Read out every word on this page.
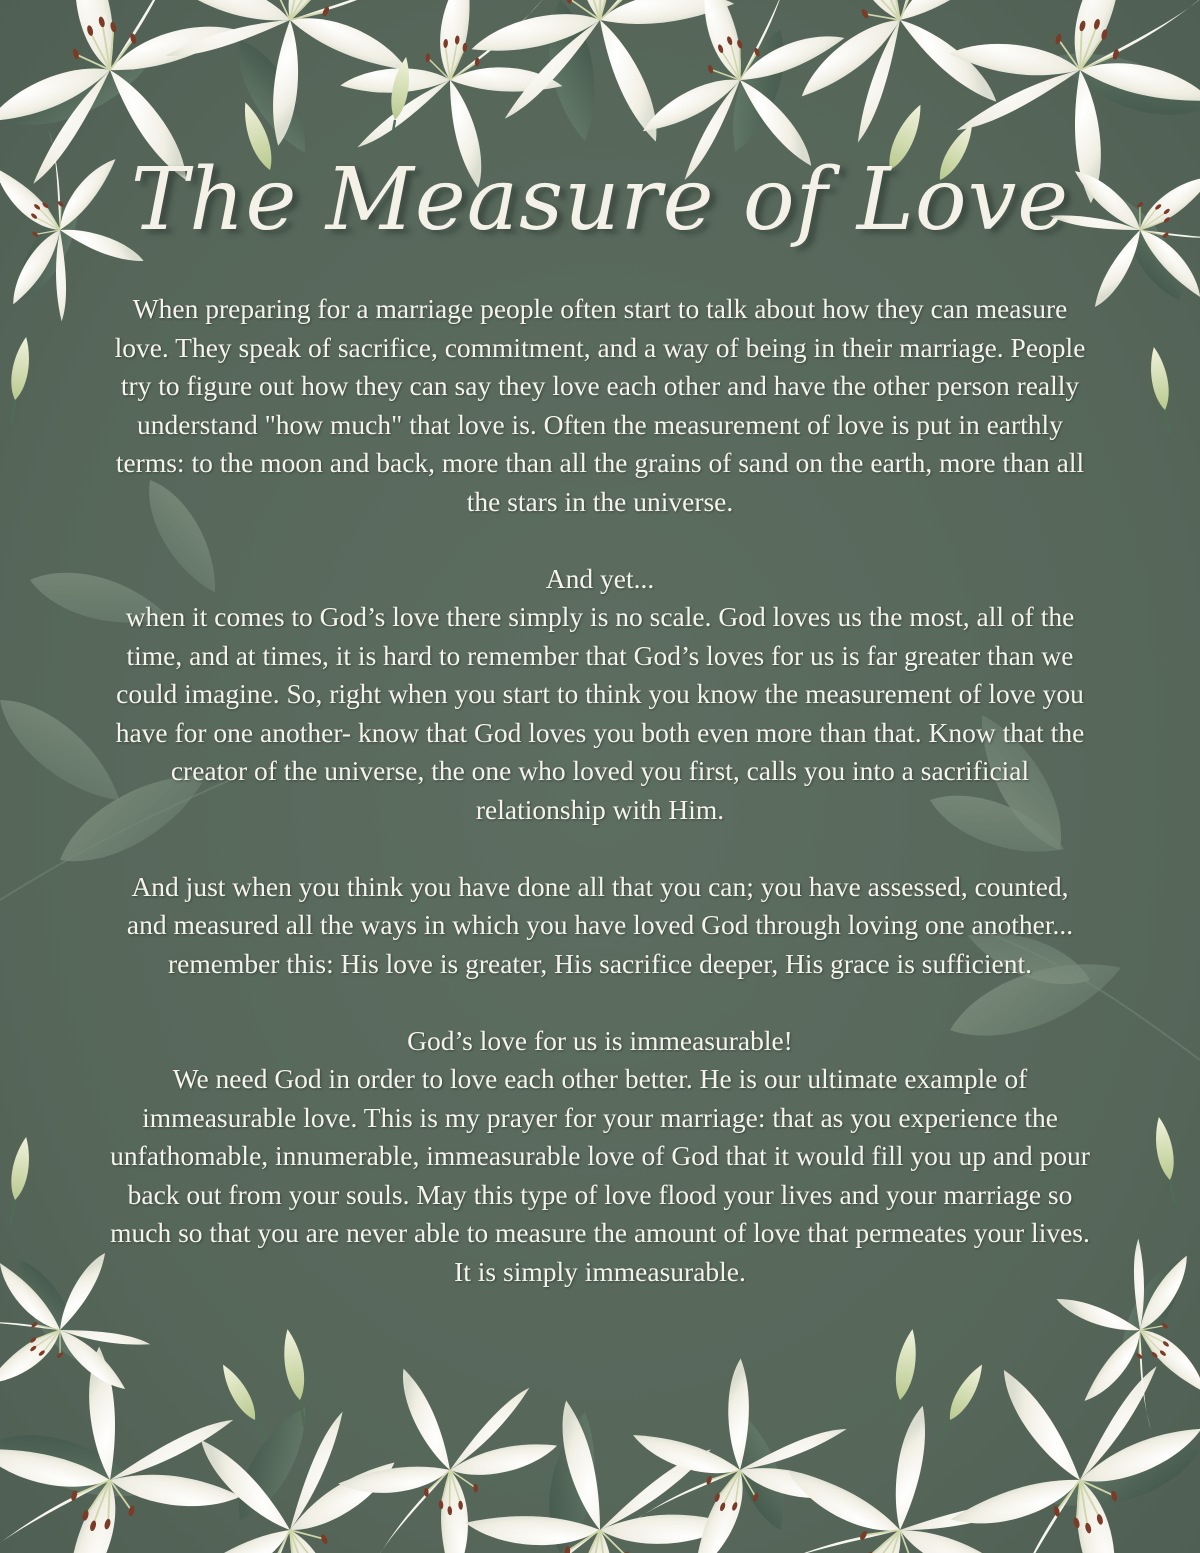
The Measure of Love

When preparing for a marriage people often start to talk about how they can measure love. They speak of sacrifice, commitment, and a way of being in their marriage. People try to figure out how they can say they love each other and have the other person really understand "how much" that love is. Often the measurement of love is put in earthly terms: to the moon and back, more than all the grains of sand on the earth, more than all the stars in the universe.

And yet...

when it comes to God’s love there simply is no scale. God loves us the most, all of the time, and at times, it is hard to remember that God’s loves for us is far greater than we could imagine. So, right when you start to think you know the measurement of love you have for one another- know that God loves you both even more than that. Know that the creator of the universe, the one who loved you first, calls you into a sacrificial relationship with Him.

And just when you think you have done all that you can; you have assessed, counted, and measured all the ways in which you have loved God through loving one another... remember this: His love is greater, His sacrifice deeper, His grace is sufficient.

God’s love for us is immeasurable!

We need God in order to love each other better. He is our ultimate example of immeasurable love. This is my prayer for your marriage: that as you experience the unfathomable, innumerable, immeasurable love of God that it would fill you up and pour back out from your souls. May this type of love flood your lives and your marriage so much so that you are never able to measure the amount of love that permeates your lives. It is simply immeasurable.
